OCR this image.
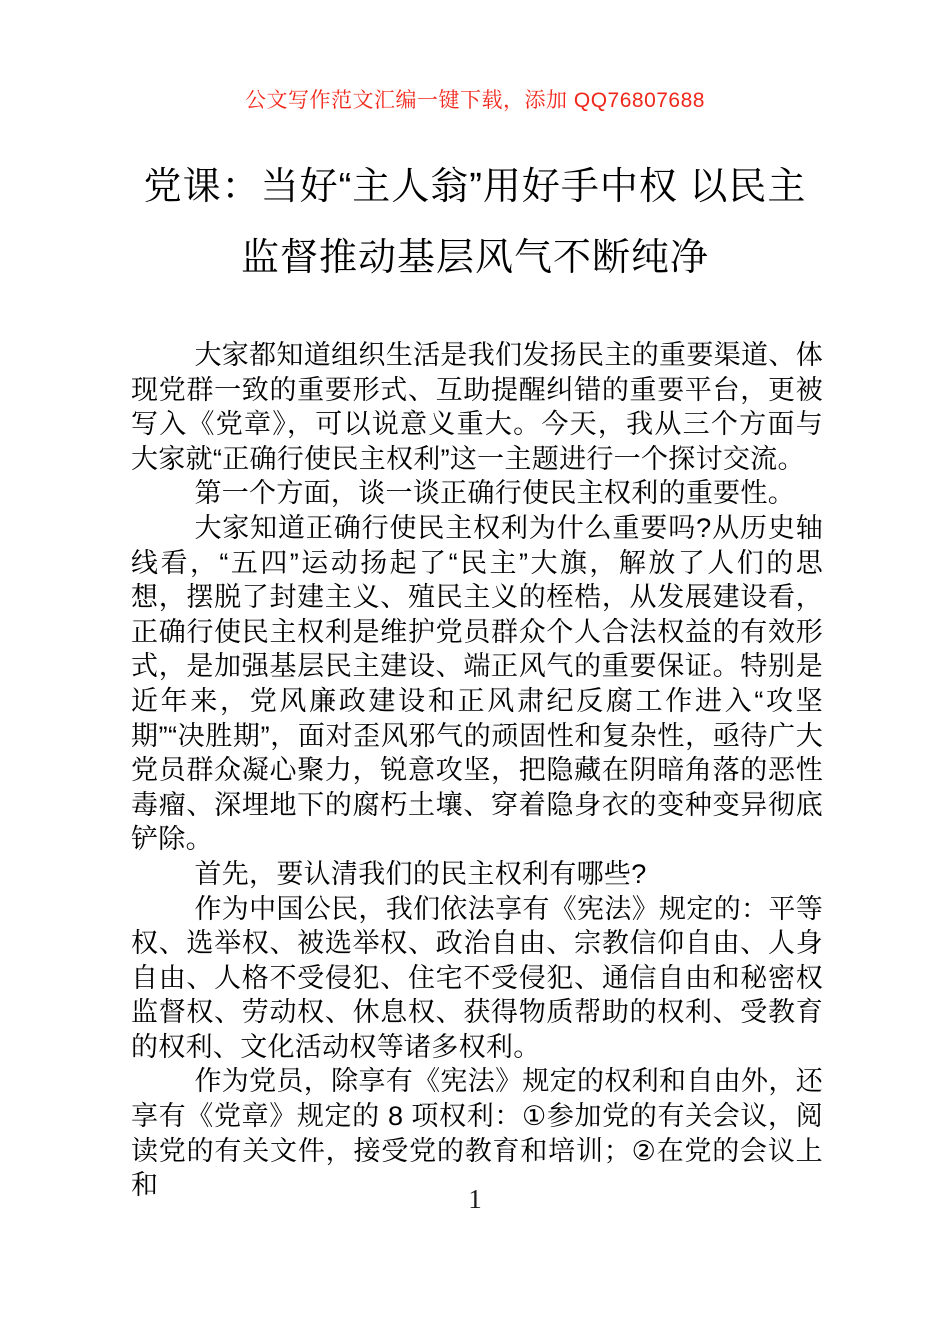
公文写作范文汇编一键下载，添加 QQ76807688
党课：当好“主人翁”用好手中权 以民主
监督推动基层风气不断纯净

大家都知道组织生活是我们发扬民主的重要渠道、体现党群一致的重要形式、互助提醒纠错的重要平台，更被写入《党章》，可以说意义重大。今天，我从三个方面与大家就“正确行使民主权利”这一主题进行一个探讨交流。

第一个方面，谈一谈正确行使民主权利的重要性。

大家知道正确行使民主权利为什么重要吗?从历史轴线看，“五四”运动扬起了“民主”大旗，解放了人们的思想，摆脱了封建主义、殖民主义的桎梏，从发展建设看，正确行使民主权利是维护党员群众个人合法权益的有效形式，是加强基层民主建设、端正风气的重要保证。特别是近年来，党风廉政建设和正风肃纪反腐工作进入“攻坚期”“决胜期”，面对歪风邪气的顽固性和复杂性，亟待广大党员群众凝心聚力，锐意攻坚，把隐藏在阴暗角落的恶性毒瘤、深埋地下的腐朽土壤、穿着隐身衣的变种变异彻底铲除。

首先，要认清我们的民主权利有哪些?

作为中国公民，我们依法享有《宪法》规定的：平等权、选举权、被选举权、政治自由、宗教信仰自由、人身自由、人格不受侵犯、住宅不受侵犯、通信自由和秘密权监督权、劳动权、休息权、获得物质帮助的权利、受教育的权利、文化活动权等诸多权利。

作为党员，除享有《宪法》规定的权利和自由外，还享有《党章》规定的 8 项权利：①参加党的有关会议，阅读党的有关文件，接受党的教育和培训；②在党的会议上和	1
